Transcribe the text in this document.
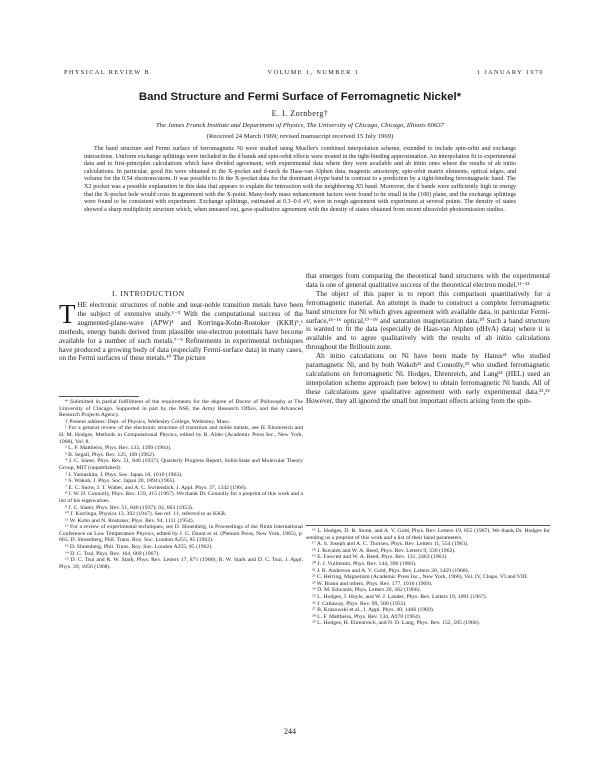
PHYSICAL REVIEW B	VOLUME 1, NUMBER 1	1 JANUARY 1970
Band Structure and Fermi Surface of Ferromagnetic Nickel*
E. I. Zornberg†
The James Franck Institute and Department of Physics, The University of Chicago, Chicago, Illinois 60637
(Received 24 March 1969; revised manuscript received 15 July 1969)

The band structure and Fermi surface of ferromagnetic Ni were studied using Mueller's combined interpolation scheme, extended to include spin-orbit and exchange interactions. Uniform exchange splittings were included in the d bands and spin-orbit effects were treated in the tight-binding approximation. An interpolation fit to experimental data and to first-principles calculations which have divided agreement, with experimental data where they were available and ab initio ones where the results of ab initio calculations. In particular, good fits were obtained to the X-pocket and d-neck de Haas-van Alphen data, magnetic anisotropy, spin-orbit matrix elements, optical edges, and volume for the 0.54 electrons/atom. It was possible to fit the X-pocket data for the dominant d-type band in contrast to a prediction by a tight-binding ferromagnetic band. The X2 pocket was a possible explanation in this data that appears to explain the interaction with the neighboring X5 band. Moreover, the d bands were sufficiently high in energy that the X-pocket hole would cross in agreement with the X-point. Many-body mass enhancement factors were found to be small in the (100) plane, and the exchange splittings were found to be consistent with experiment. Exchange splittings, estimated at 0.3–0.6 eV, were in rough agreement with experiment at several points. The density of states showed a sharp multiplicity structure which, when smeared out, gave qualitative agreement with the density of states obtained from recent ultraviolet photoemission studies.

I. INTRODUCTION

THE electronic structures of noble and near-noble transition metals have been the subject of extensive study.¹⁻³ With the computational success of the augmented-plane-wave (APW)⁴ and Korringa-Kohn-Rostoker (KKR)⁵,⁶ methods, energy bands derived from plausible one-electron potentials have become available for a number of such metals.⁷⁻⁹ Refinements in experimental techniques have produced a growing body of data (especially Fermi-surface data) in many cases, on the Fermi surfaces of these metals.¹⁰ The picture

* Submitted in partial fulfillment of the requirements for the degree of Doctor of Philosophy at The University of Chicago. Supported in part by the NSF, the Army Research Office, and the Advanced Research Projects Agency.

† Present address: Dept. of Physics, Wellesley College, Wellesley, Mass.

¹ For a general review of the electronic structure of transition and noble metals, see H. Ehrenreich and H. M. Hodges, Methods in Computational Physics, edited by B. Alder (Academic Press Inc., New York, 1968), Vol. 8.

² L. F. Mattheiss, Phys. Rev. 133, 1399 (1964).

³ B. Segall, Phys. Rev. 125, 109 (1962).

⁴ J. C. Slater, Phys. Rev. 51, 846 (1937); Quarterly Progress Report, Solid-State and Molecular Theory Group, MIT (unpublished).

⁵ J. Yamashita, J. Phys. Soc. Japan 18, 1010 (1963).

⁶ S. Wakoh, J. Phys. Soc. Japan 20, 1894 (1965).

⁷ E. C. Snow, J. T. Waber, and A. C. Switendick, J. Appl. Phys. 37, 1342 (1966).

⁸ J. W. D. Connolly, Phys. Rev. 159, 415 (1967). We thank Dr. Connolly for a preprint of this work and a list of his eigenvalues.

⁹ J. C. Slater, Phys. Rev. 51, 846 (1937); 92, 603 (1953).

¹⁰ J. Korringa, Physica 13, 392 (1947). See ref. 11, referred to as KKR.

¹¹ W. Kohn and N. Rostoker, Phys. Rev. 94, 1111 (1954).

¹² For a review of experimental techniques, see D. Shoenberg, in Proceedings of the Ninth International Conference on Low Temperature Physics, edited by J. G. Daunt et al. (Plenum Press, New York, 1965), p. 665; D. Shoenberg, Phil. Trans. Roy. Soc. London A255, 85 (1962).

¹³ D. Shoenberg, Phil. Trans. Roy. Soc. London A255, 85 (1962).

¹⁴ D. C. Tsui, Phys. Rev. 164, 669 (1967).

¹⁵ D. C. Tsui and R. W. Stark, Phys. Rev. Letters 17, 871 (1966); R. W. Stark and D. C. Tsui, J. Appl. Phys. 39, 1056 (1968).

that emerges from comparing the theoretical band structures with the experimental data is one of general qualitative success of the theoretical electron model.¹¹⁻¹³

The object of this paper is to report this comparison quantitatively for a ferromagnetic material. An attempt is made to construct a complete ferromagnetic band structure for Ni which gives agreement with available data, in particular Fermi-surface,¹⁴⁻¹⁶ optical,¹⁷⁻¹⁹ and saturation magnetization data.²⁰ Such a band structure is wanted to fit the data (especially de Haas-van Alphen (dHvA) data) where it is available and to agree qualitatively with the results of ab initio calculations throughout the Brillouin zone.

Ab initio calculations on Ni have been made by Hanus²¹ who studied paramagnetic Ni, and by both Wakoh²² and Connolly,²³ who studied ferromagnetic calculations on ferromagnetic Ni. Hodges, Ehrenreich, and Lang²⁴ (HEL) used an interpolation scheme approach (see below) to obtain ferromagnetic Ni bands. All of these calculations gave qualitative agreement with early experimental data.²⁵,²⁶ However, they all ignored the small but important effects arising from the spin-

¹⁶ L. Hodges, D. R. Stone, and A. V. Gold, Phys. Rev. Letters 19, 655 (1967). We thank Dr. Hodges for sending us a preprint of this work and a list of their band parameters.

¹⁷ A. S. Joseph and A. C. Thorsen, Phys. Rev. Letters 11, 554 (1963).

¹⁸ J. Ruvalds and W. A. Reed, Phys. Rev. Letters 9, 336 (1962).

¹⁹ E. Fawcett and W. A. Reed, Phys. Rev. 131, 2463 (1963).

²⁰ J. J. Vuillemin, Phys. Rev. 144, 396 (1966).

²¹ J. R. Anderson and A. V. Gold, Phys. Rev. Letters 20, 1459 (1968).

²² C. Herring, Magnetism (Academic Press Inc., New York, 1966), Vol. IV, Chaps. VI and VIII.

²³ W. Braun and others, Phys. Rev. 177, 1016 (1969).

²⁴ D. M. Edwards, Phys. Letters 20, 362 (1966).

²⁵ L. Hodges, J. Hoyle, and W. J. Lander, Phys. Rev. Letters 19, 1091 (1967).

²⁶ J. Callaway, Phys. Rev. 99, 500 (1955).

²⁷ B. Krasowski et al., J. Appl. Phys. 40, 1466 (1969).

²⁸ L. F. Mattheiss, Phys. Rev. 134, A970 (1964).

²⁹ L. Hodges, H. Ehrenreich, and N. D. Lang, Phys. Rev. 152, 505 (1966).

244
